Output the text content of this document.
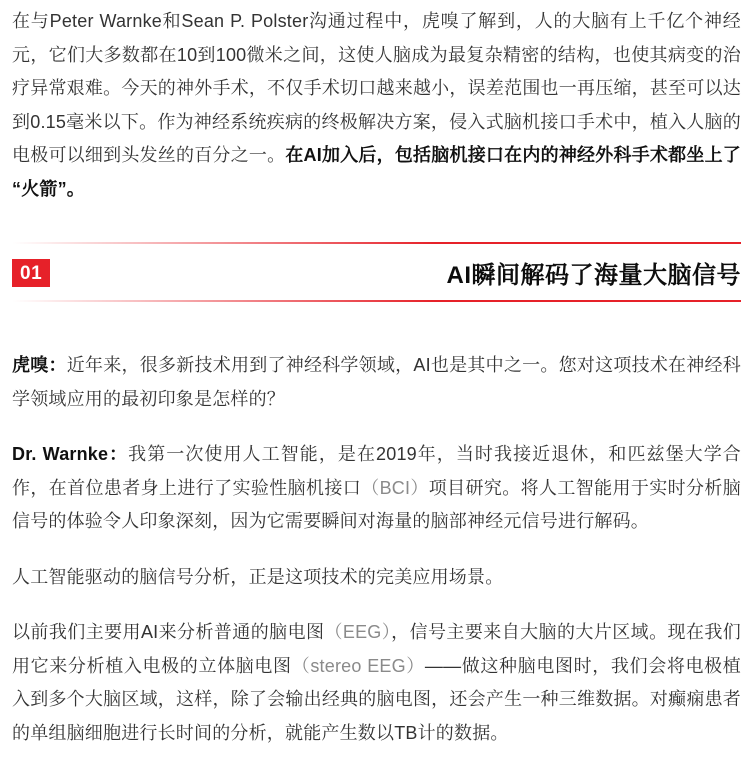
在与Peter Warnke和Sean P. Polster沟通过程中，虎嗅了解到，人的大脑有上千亿个神经元，它们大多数都在10到100微米之间，这使人脑成为最复杂精密的结构，也使其病变的治疗异常艰难。今天的神外手术，不仅手术切口越来越小，误差范围也一再压缩，甚至可以达到0.15毫米以下。作为神经系统疾病的终极解决方案，侵入式脑机接口手术中，植入人脑的电极可以细到头发丝的百分之一。在AI加入后，包括脑机接口在内的神经外科手术都坐上了“火箭”。

01	AI瞬间解码了海量大脑信号

虎嗅：近年来，很多新技术用到了神经科学领域，AI也是其中之一。您对这项技术在神经科学领域应用的最初印象是怎样的？

Dr. Warnke：我第一次使用人工智能，是在2019年，当时我接近退休，和匹兹堡大学合作，在首位患者身上进行了实验性脑机接口（BCI）项目研究。将人工智能用于实时分析脑信号的体验令人印象深刻，因为它需要瞬间对海量的脑部神经元信号进行解码。

人工智能驱动的脑信号分析，正是这项技术的完美应用场景。

以前我们主要用AI来分析普通的脑电图（EEG），信号主要来自大脑的大片区域。现在我们用它来分析植入电极的立体脑电图（stereo EEG）——做这种脑电图时，我们会将电极植入到多个大脑区域，这样，除了会输出经典的脑电图，还会产生一种三维数据。对癫痫患者的单组脑细胞进行长时间的分析，就能产生数以TB计的数据。
